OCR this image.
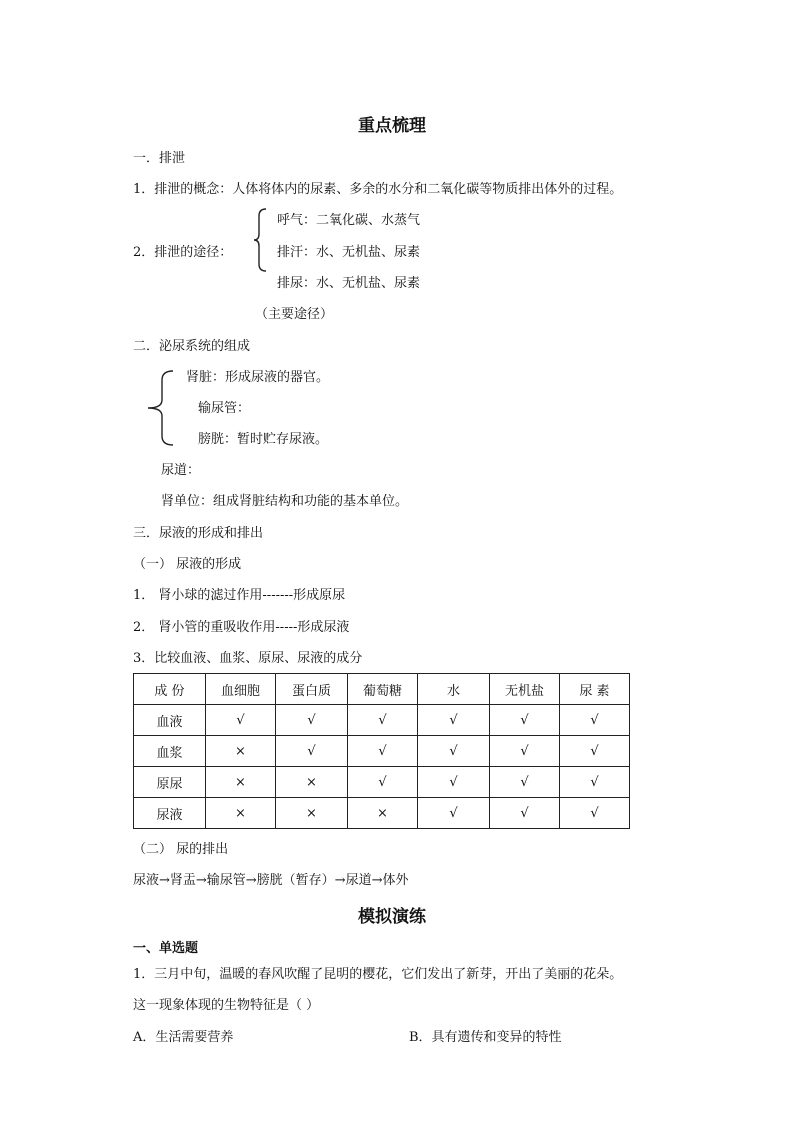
重点梳理
一．排泄
1．排泄的概念：人体将体内的尿素、多余的水分和二氧化碳等物质排出体外的过程。
2．排泄的途径：
呼气：二氧化碳、水蒸气
排汗：水、无机盐、尿素
排尿：水、无机盐、尿素
（主要途径）
二．泌尿系统的组成
肾脏：形成尿液的器官。
输尿管：
膀胱：暂时贮存尿液。
尿道：
肾单位：组成肾脏结构和功能的基本单位。
三．尿液的形成和排出
（一） 尿液的形成
1． 肾小球的滤过作用-------形成原尿
2． 肾小管的重吸收作用-----形成尿液
3．比较血液、血浆、原尿、尿液的成分
成 份	血细胞	蛋白质	葡萄糖	水	无机盐	尿 素
血液	√	√	√	√	√	√
血浆	×	√	√	√	√	√
原尿	×	×	√	√	√	√
尿液	×	×	×	√	√	√
（二） 尿的排出
尿液→肾盂→输尿管→膀胱（暂存）→尿道→体外
模拟演练
一、单选题
1．三月中旬，温暖的春风吹醒了昆明的樱花，它们发出了新芽，开出了美丽的花朵。
这一现象体现的生物特征是（ ）
A．生活需要营养	B．具有遗传和变异的特性
